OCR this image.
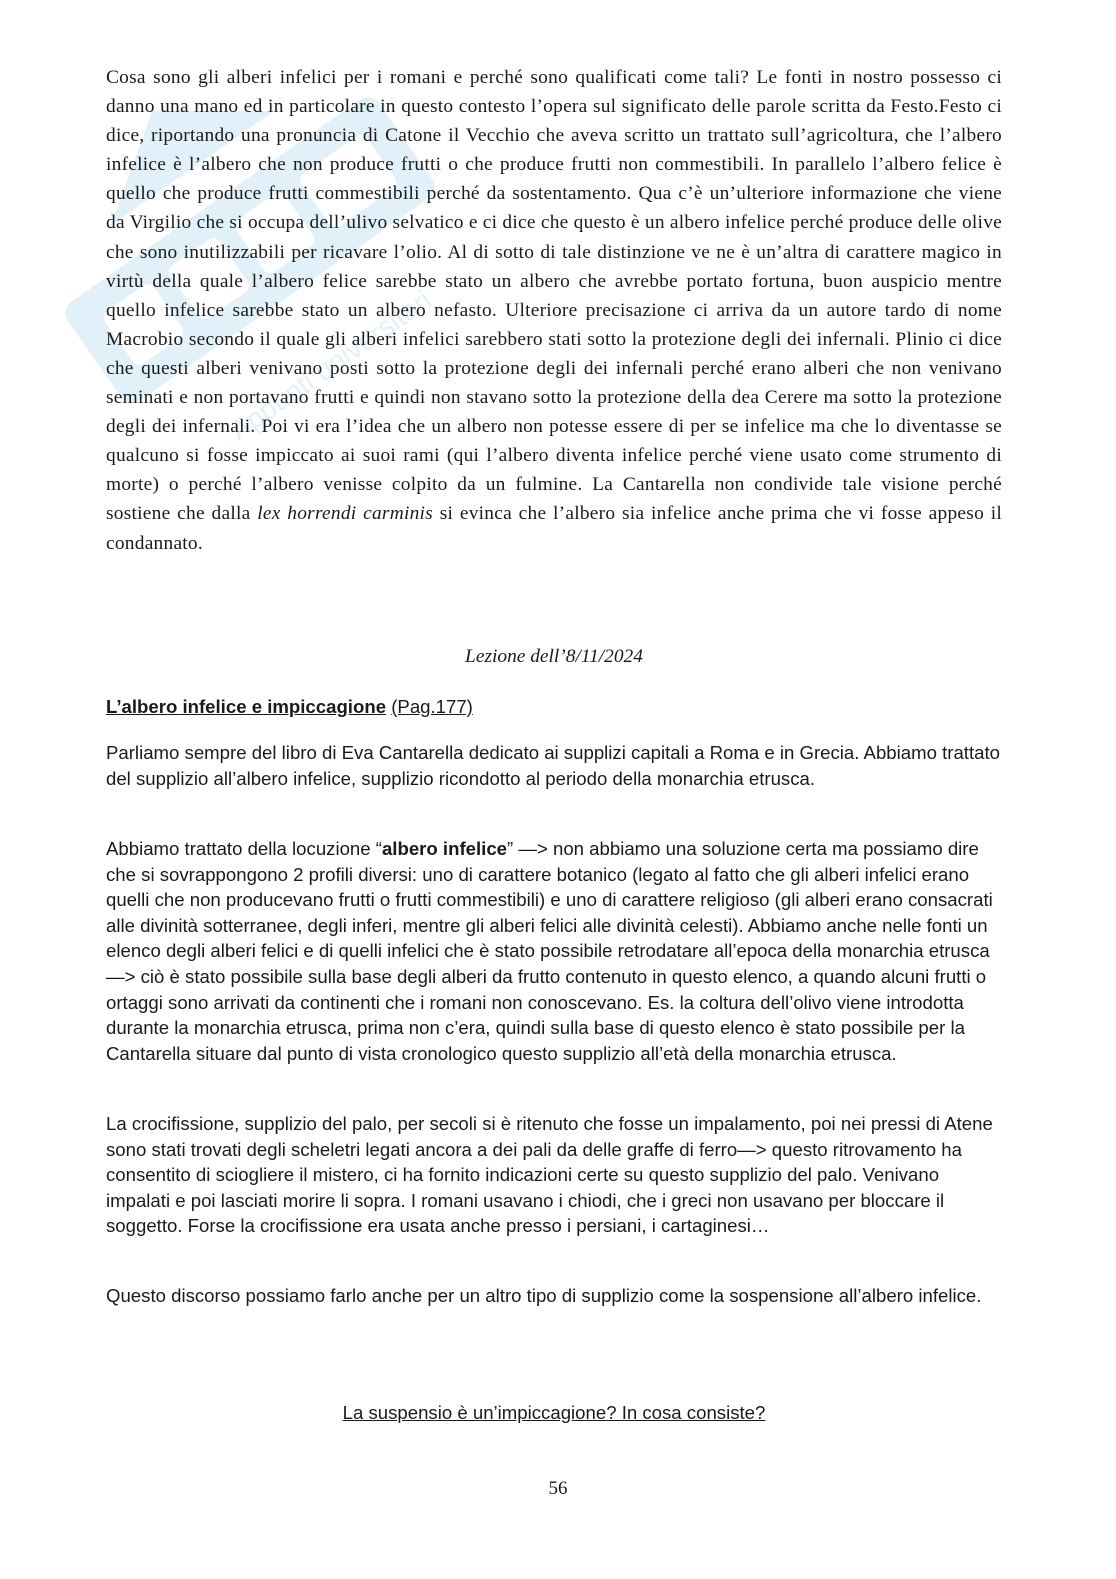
Appunti universitari

Cosa sono gli alberi infelici per i romani e perché sono qualificati come tali? Le fonti in nostro possesso ci danno una mano ed in particolare in questo contesto l’opera sul significato delle parole scritta da Festo.Festo ci dice, riportando una pronuncia di Catone il Vecchio che aveva scritto un trattato sull’agricoltura, che l’albero infelice è l’albero che non produce frutti o che produce frutti non commestibili. In parallelo l’albero felice è quello che produce frutti commestibili perché da sostentamento. Qua c’è un’ulteriore informazione che viene da Virgilio che si occupa dell’ulivo selvatico e ci dice che questo è un albero infelice perché produce delle olive che sono inutilizzabili per ricavare l’olio. Al di sotto di tale distinzione ve ne è un’altra di carattere magico in virtù della quale l’albero felice sarebbe stato un albero che avrebbe portato fortuna, buon auspicio mentre quello infelice sarebbe stato un albero nefasto. Ulteriore precisazione ci arriva da un autore tardo di nome Macrobio secondo il quale gli alberi infelici sarebbero stati sotto la protezione degli dei infernali. Plinio ci dice che questi alberi venivano posti sotto la protezione degli dei infernali perché erano alberi che non venivano seminati e non portavano frutti e quindi non stavano sotto la protezione della dea Cerere ma sotto la protezione degli dei infernali. Poi vi era l’idea che un albero non potesse essere di per se infelice ma che lo diventasse se qualcuno si fosse impiccato ai suoi rami (qui l’albero diventa infelice perché viene usato come strumento di morte) o perché l’albero venisse colpito da un fulmine. La Cantarella non condivide tale visione perché sostiene che dalla lex horrendi carminis si evinca che l’albero sia infelice anche prima che vi fosse appeso il condannato.

Lezione dell’8/11/2024

L’albero infelice e impiccagione (Pag.177)

Parliamo sempre del libro di Eva Cantarella dedicato ai supplizi capitali a Roma e in Grecia. Abbiamo trattato del supplizio all’albero infelice, supplizio ricondotto al periodo della monarchia etrusca.

Abbiamo trattato della locuzione “albero infelice” —> non abbiamo una soluzione certa ma possiamo dire che si sovrappongono 2 profili diversi: uno di carattere botanico (legato al fatto che gli alberi infelici erano quelli che non producevano frutti o frutti commestibili) e uno di carattere religioso (gli alberi erano consacrati alle divinità sotterranee, degli inferi, mentre gli alberi felici alle divinità celesti). Abbiamo anche nelle fonti un elenco degli alberi felici e di quelli infelici che è stato possibile retrodatare all’epoca della monarchia etrusca—> ciò è stato possibile sulla base degli alberi da frutto contenuto in questo elenco, a quando alcuni frutti o ortaggi sono arrivati da continenti che i romani non conoscevano. Es. la coltura dell’olivo viene introdotta durante la monarchia etrusca, prima non c’era, quindi sulla base di questo elenco è stato possibile per la Cantarella situare dal punto di vista cronologico questo supplizio all’età della monarchia etrusca.

La crocifissione, supplizio del palo, per secoli si è ritenuto che fosse un impalamento, poi nei pressi di Atene sono stati trovati degli scheletri legati ancora a dei pali da delle graffe di ferro—> questo ritrovamento ha consentito di sciogliere il mistero, ci ha fornito indicazioni certe su questo supplizio del palo. Venivano impalati e poi lasciati morire li sopra. I romani usavano i chiodi, che i greci non usavano per bloccare il soggetto. Forse la crocifissione era usata anche presso i persiani, i cartaginesi…

Questo discorso possiamo farlo anche per un altro tipo di supplizio come la sospensione all’albero infelice.

La suspensio è un’impiccagione? In cosa consiste?

56
